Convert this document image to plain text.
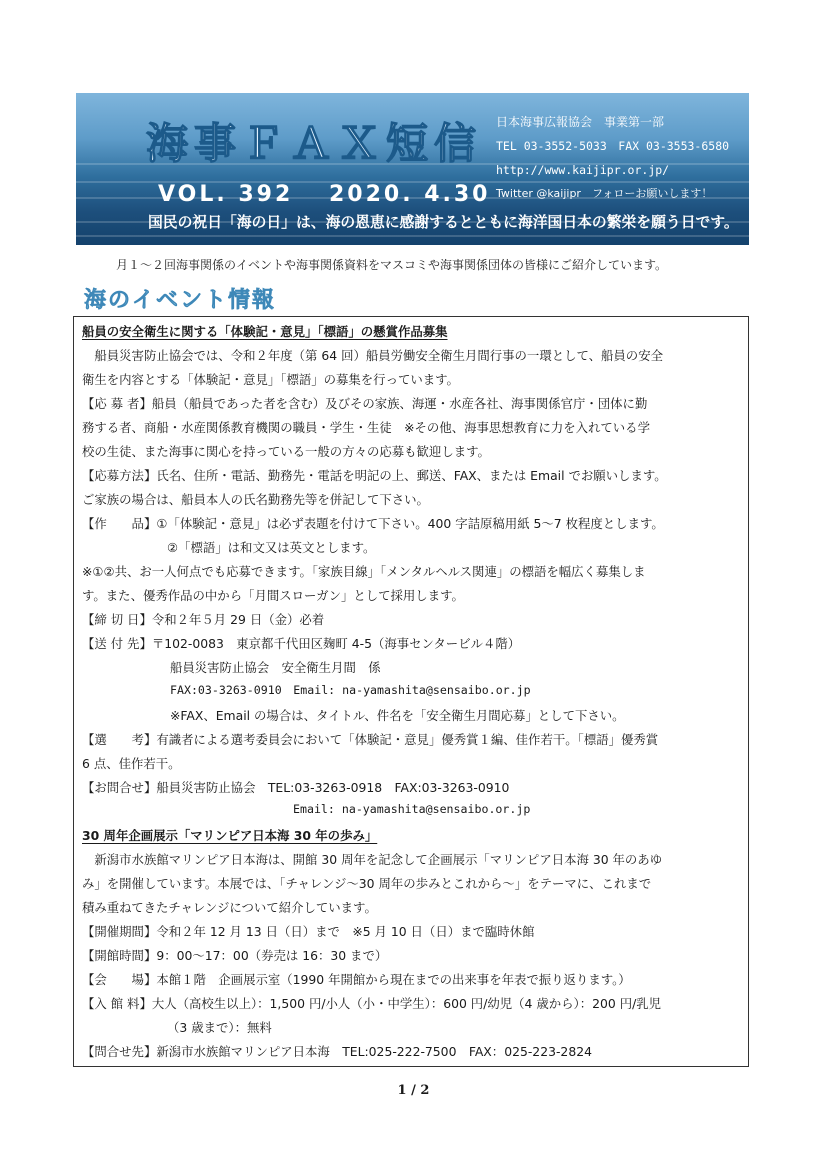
海事ＦＡＸ短信
VOL. 392　 2020. 4.30
日本海事広報協会　事業第一部
TEL 03-3552-5033　FAX 03-3553-6580
http://www.kaijipr.or.jp/
Twitter @kaijipr　フォローお願いします！
国民の祝日「海の日」は、海の恩恵に感謝するとともに海洋国日本の繁栄を願う日です。
月１～２回海事関係のイベントや海事関係資料をマスコミや海事関係団体の皆様にご紹介しています。
海のイベント情報
船員の安全衛生に関する「体験記・意見」「標語」の懸賞作品募集
　船員災害防止協会では、令和２年度（第 64 回）船員労働安全衛生月間行事の一環として、船員の安全
衛生を内容とする「体験記・意見」「標語」の募集を行っています。
【応 募 者】船員（船員であった者を含む）及びその家族、海運・水産各社、海事関係官庁・団体に勤
務する者、商船・水産関係教育機関の職員・学生・生徒　※その他、海事思想教育に力を入れている学
校の生徒、また海事に関心を持っている一般の方々の応募も歓迎します。
【応募方法】氏名、住所・電話、勤務先・電話を明記の上、郵送、FAX、または Email でお願いします。
ご家族の場合は、船員本人の氏名勤務先等を併記して下さい。
【作　　品】①「体験記・意見」は必ず表題を付けて下さい。400 字詰原稿用紙 5～7 枚程度とします。
②「標語」は和文又は英文とします。
※①②共、お一人何点でも応募できます。「家族目線」「メンタルヘルス関連」の標語を幅広く募集しま
す。また、優秀作品の中から「月間スローガン」として採用します。
【締 切 日】令和２年５月 29 日（金）必着
【送 付 先】〒102-0083　東京都千代田区麹町 4-5（海事センタービル４階）
船員災害防止協会　安全衛生月間　係
FAX:03-3263-0910　Email: na-yamashita@sensaibo.or.jp
※FAX、Email の場合は、タイトル、件名を「安全衛生月間応募」として下さい。
【選　　考】有識者による選考委員会において「体験記・意見」優秀賞１編、佳作若干。「標語」優秀賞
6 点、佳作若干。
【お問合せ】船員災害防止協会　TEL:03-3263-0918　FAX:03-3263-0910
Email: na-yamashita@sensaibo.or.jp
30 周年企画展示「マリンピア日本海 30 年の歩み」
　新潟市水族館マリンピア日本海は、開館 30 周年を記念して企画展示「マリンピア日本海 30 年のあゆ
み」を開催しています。本展では、「チャレンジ～30 周年の歩みとこれから～」をテーマに、これまで
積み重ねてきたチャレンジについて紹介しています。
【開催期間】令和２年 12 月 13 日（日）まで　※5 月 10 日（日）まで臨時休館
【開館時間】9：00～17：00（券売は 16：30 まで）
【会　　場】本館１階　企画展示室（1990 年開館から現在までの出来事を年表で振り返ります。）
【入 館 料】大人（高校生以上）：1,500 円/小人（小・中学生）：600 円/幼児（4 歳から）：200 円/乳児
（3 歳まで）：無料
【問合せ先】新潟市水族館マリンピア日本海　TEL:025-222-7500　FAX：025-223-2824
1 / 2
